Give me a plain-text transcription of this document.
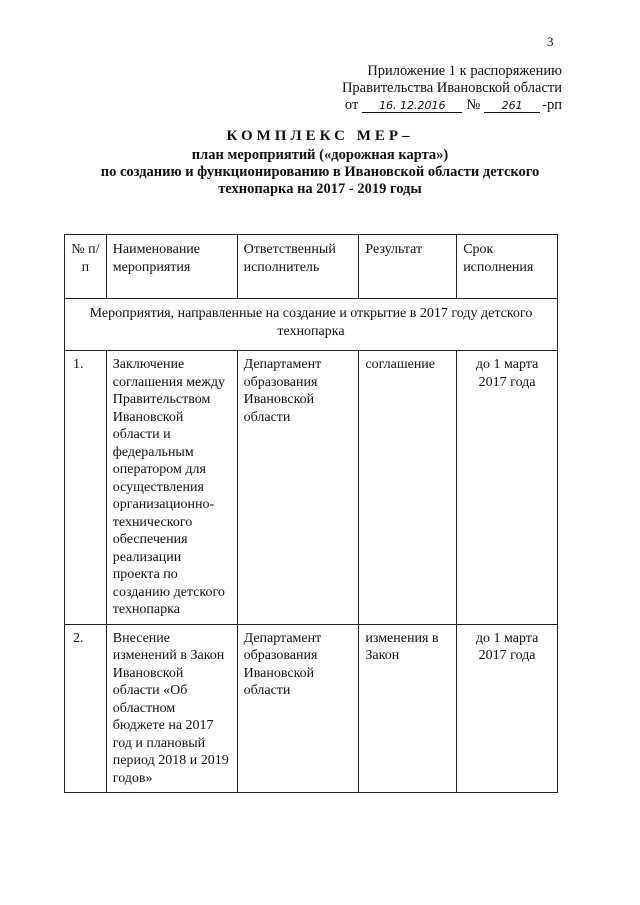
3
Приложение 1 к распоряжению
Правительства Ивановской области
от 16. 12.2016 № 261 -рп
КОМПЛЕКС МЕР–
план мероприятий («дорожная карта»)
по созданию и функционированию в Ивановской области детского
технопарка на 2017 - 2019 годы
№ п/п	Наименование мероприятия	Ответственный исполнитель	Результат	Срок исполнения
Мероприятия, направленные на создание и открытие в 2017 году детского технопарка				
1.	Заключение соглашения между Правительством Ивановской области и федеральным оператором для осуществления организационно-технического обеспечения реализации проекта по созданию детского технопарка	Департамент образования Ивановской области	соглашение	до 1 марта 2017 года
2.	Внесение изменений в Закон Ивановской области «Об областном бюджете на 2017 год и плановый период 2018 и 2019 годов»	Департамент образования Ивановской области	изменения в Закон	до 1 марта 2017 года
